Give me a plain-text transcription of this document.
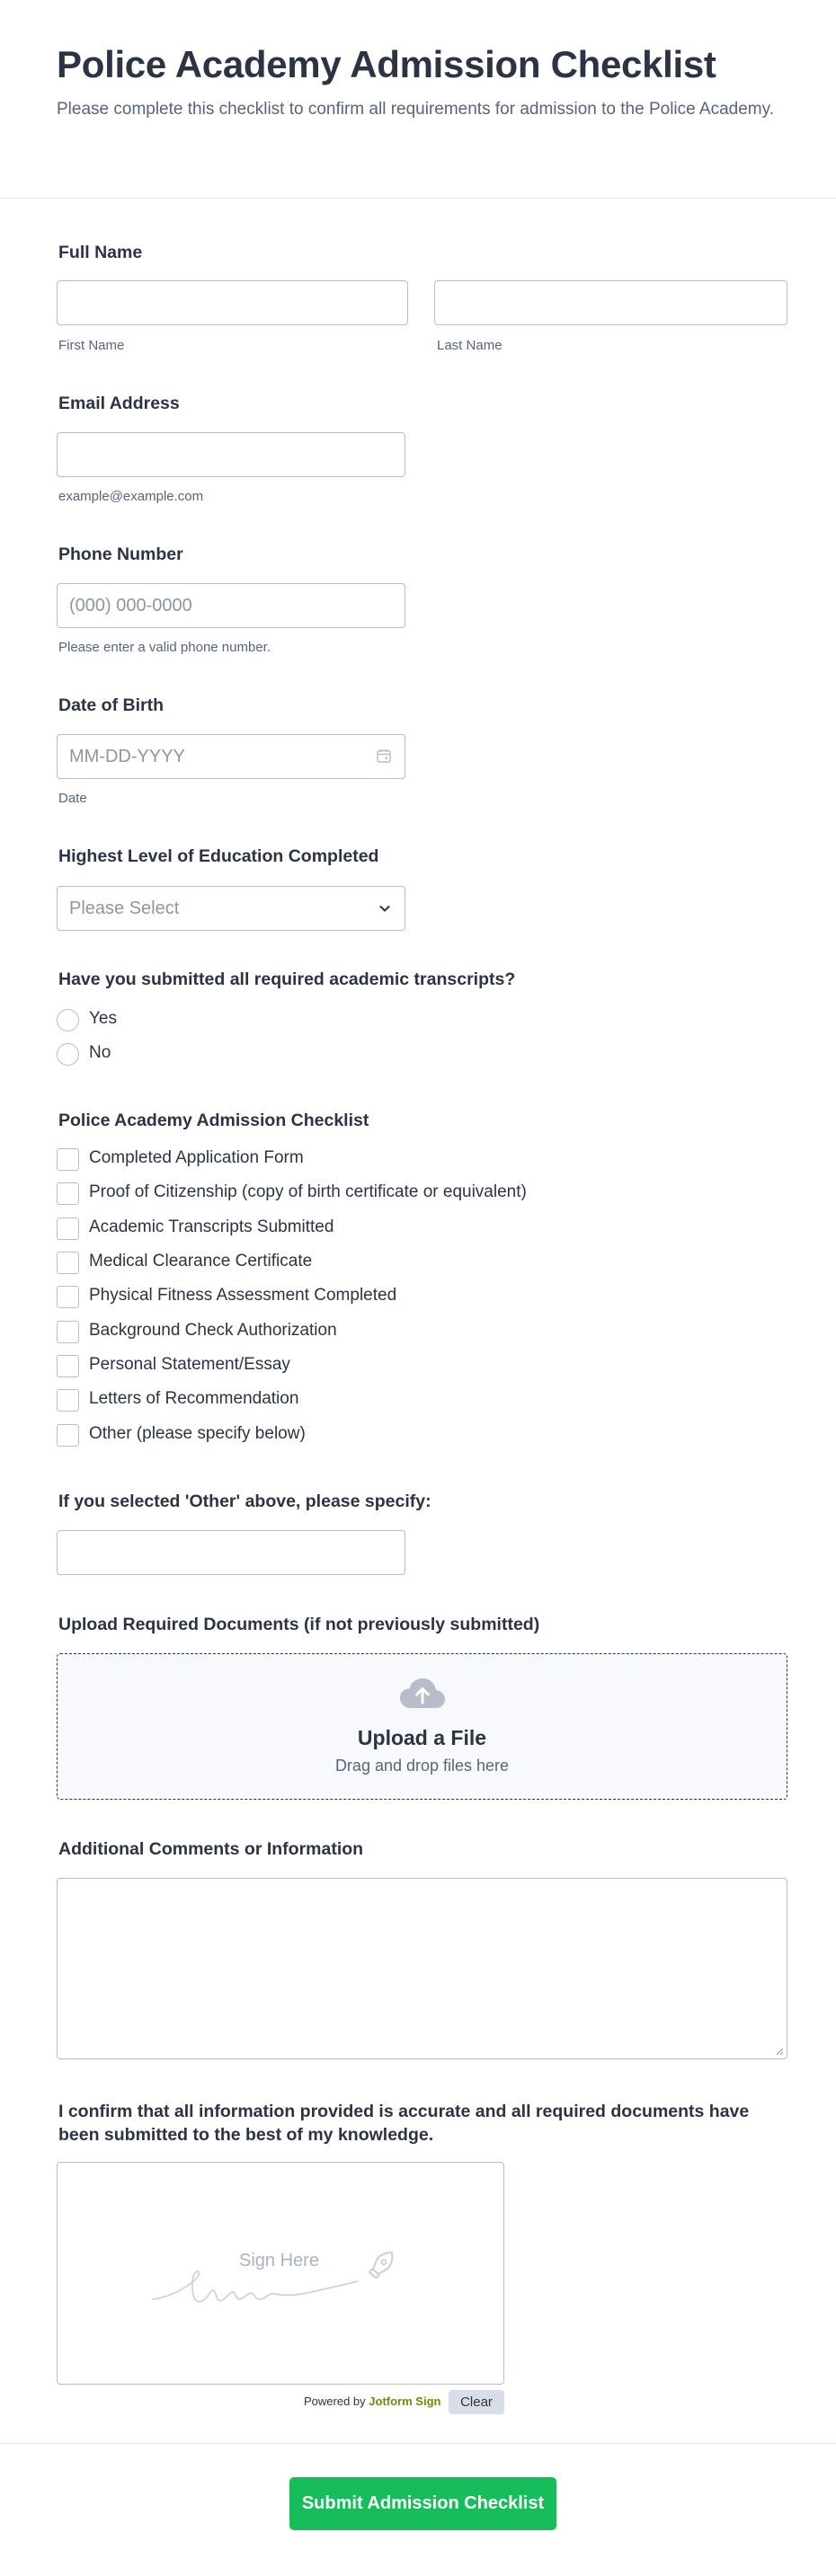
Police Academy Admission Checklist

Please complete this checklist to confirm all requirements for admission to the Police Academy.

Full Name
First Name	Last Name
Email Address
example@example.com
Phone Number
(000) 000-0000
Please enter a valid phone number.
Date of Birth
MM-DD-YYYY
Date
Highest Level of Education Completed
Please Select
Have you submitted all required academic transcripts?
Yes
No
Police Academy Admission Checklist
Completed Application Form
Proof of Citizenship (copy of birth certificate or equivalent)
Academic Transcripts Submitted
Medical Clearance Certificate
Physical Fitness Assessment Completed
Background Check Authorization
Personal Statement/Essay
Letters of Recommendation
Other (please specify below)
If you selected 'Other' above, please specify:
Upload Required Documents (if not previously submitted)
Upload a File
Drag and drop files here
Additional Comments or Information
I confirm that all information provided is accurate and all required documents have been submitted to the best of my knowledge.
Sign Here
Powered by Jotform Sign	Clear
Submit Admission Checklist
